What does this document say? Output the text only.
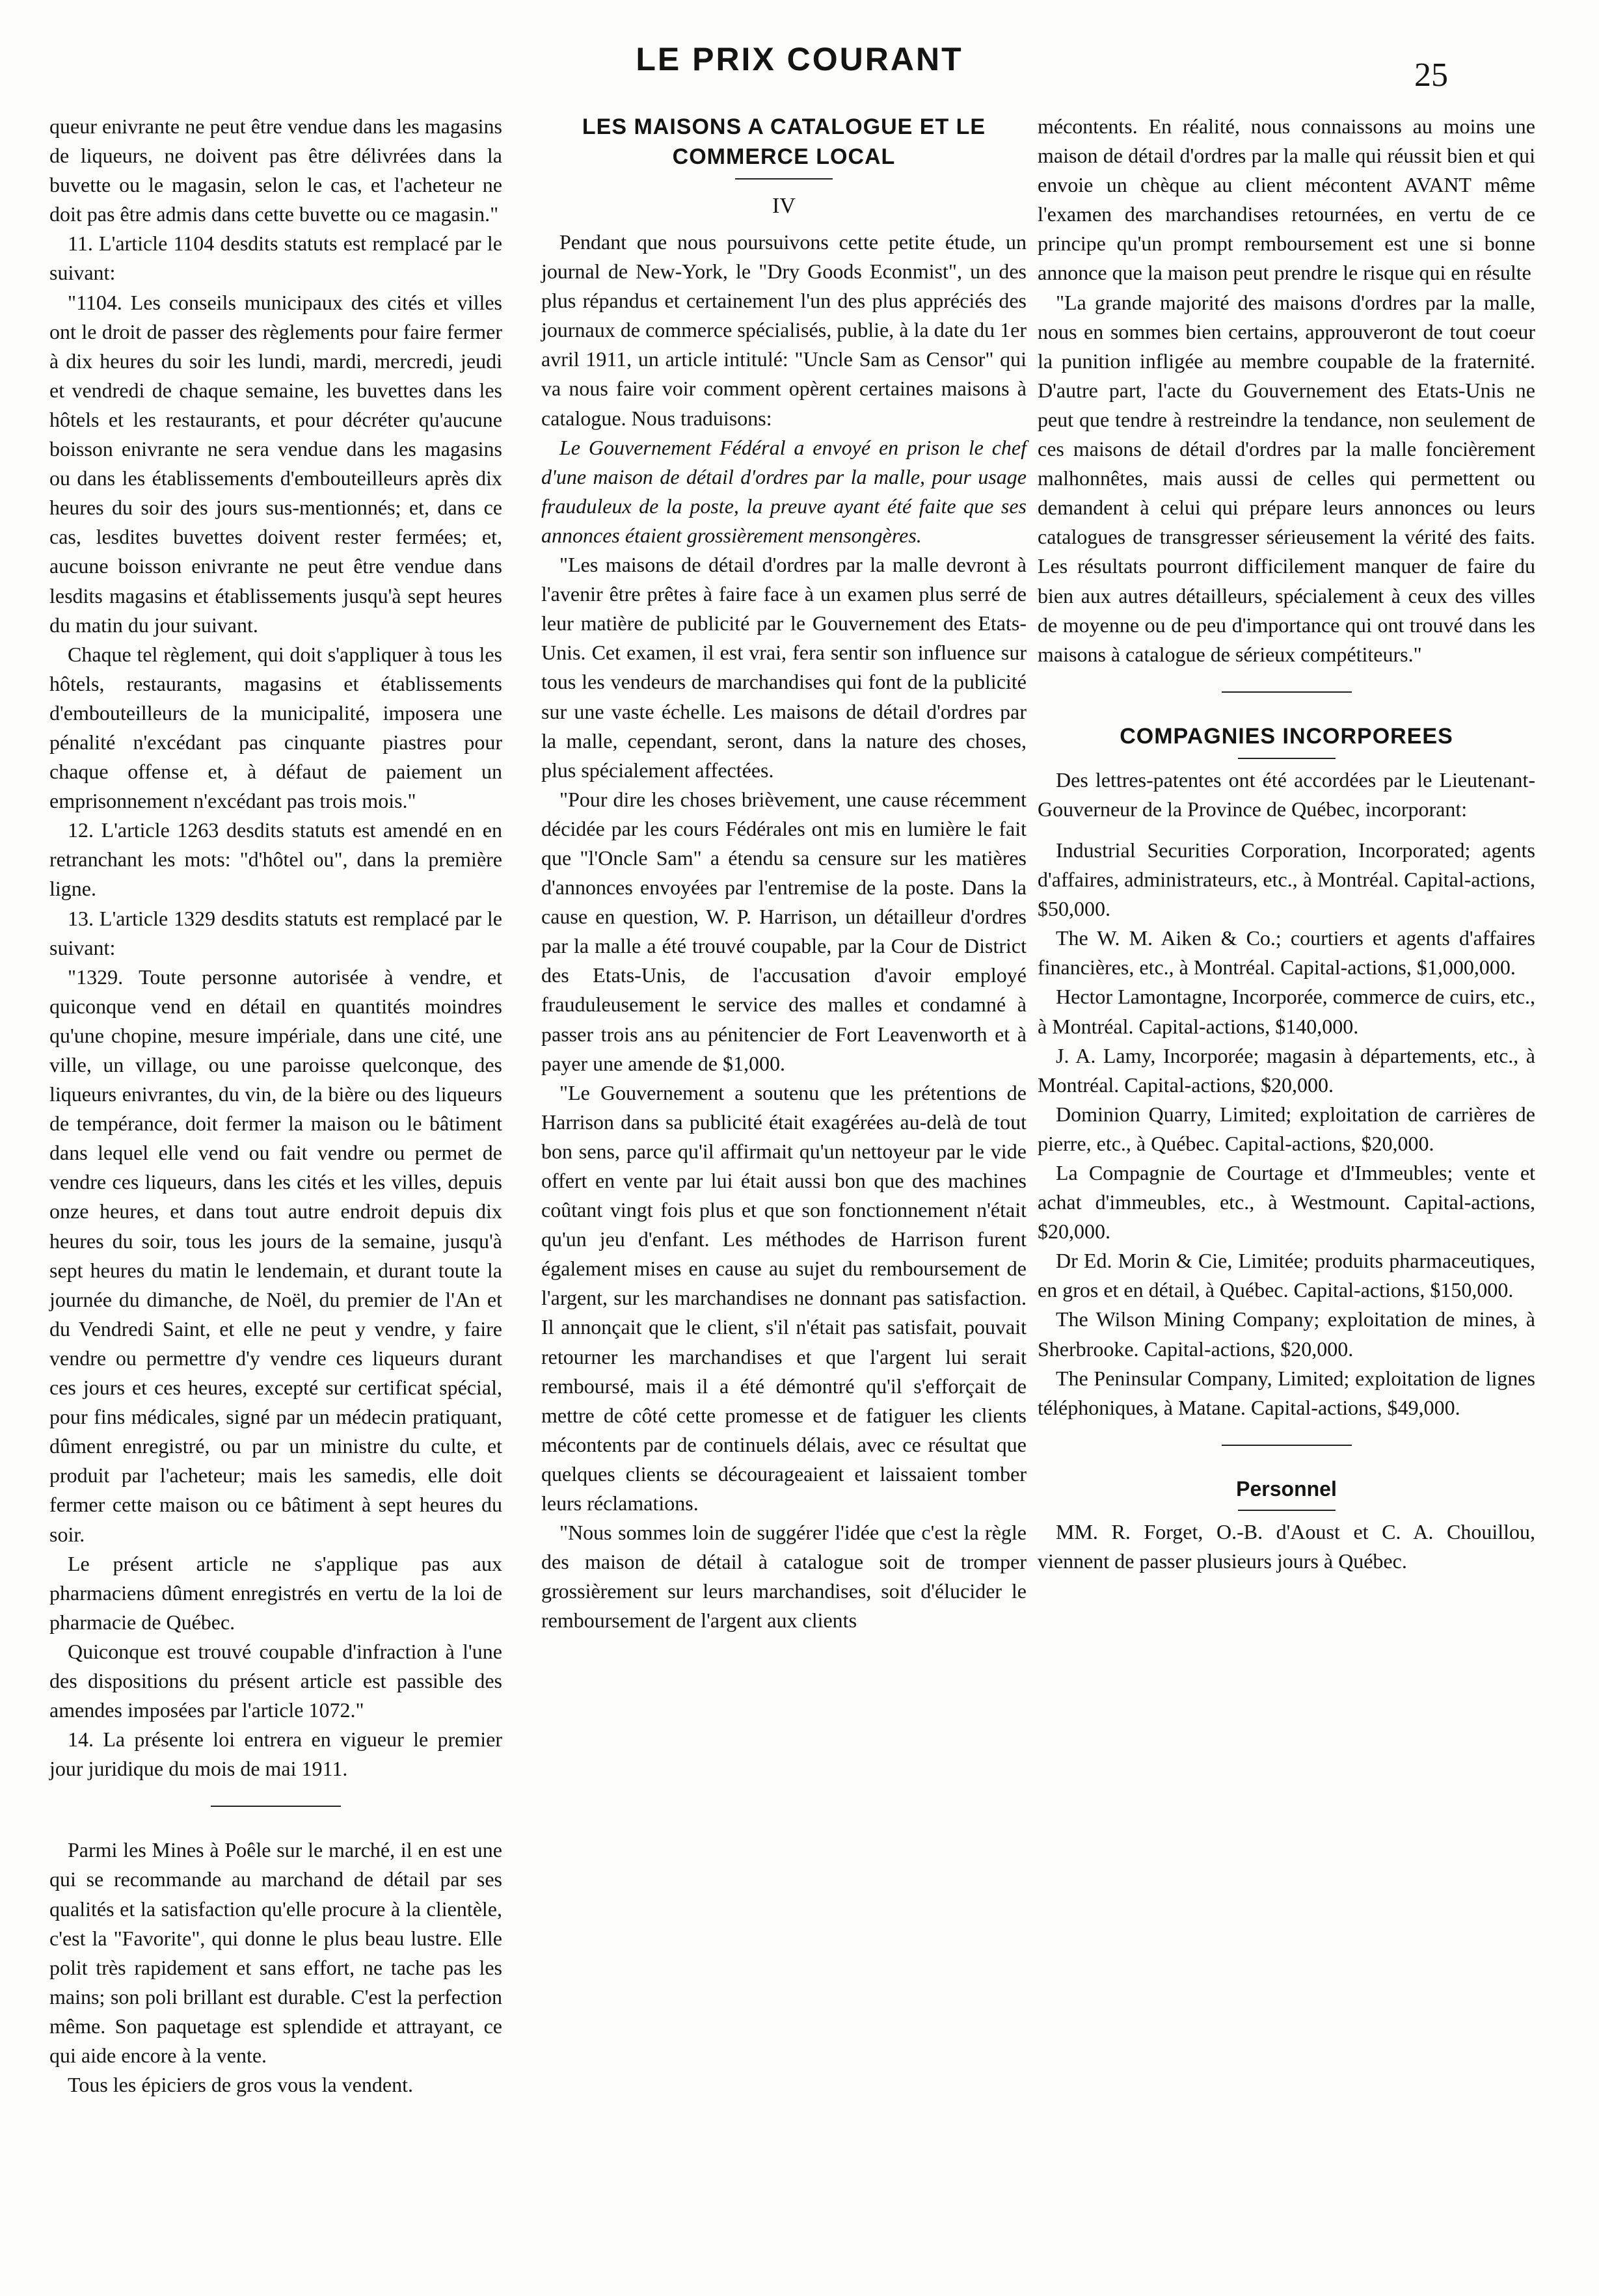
LE PRIX COURANT	25

queur enivrante ne peut être vendue dans les magasins de liqueurs, ne doivent pas être délivrées dans la buvette ou le magasin, selon le cas, et l'acheteur ne doit pas être admis dans cette buvette ou ce magasin."

11. L'article 1104 desdits statuts est remplacé par le suivant:

"1104. Les conseils municipaux des cités et villes ont le droit de passer des règlements pour faire fermer à dix heures du soir les lundi, mardi, mercredi, jeudi et vendredi de chaque semaine, les buvettes dans les hôtels et les restaurants, et pour décréter qu'aucune boisson enivrante ne sera vendue dans les magasins ou dans les établissements d'embouteilleurs après dix heures du soir des jours sus-mentionnés; et, dans ce cas, lesdites buvettes doivent rester fermées; et, aucune boisson enivrante ne peut être vendue dans lesdits magasins et établissements jusqu'à sept heures du matin du jour suivant.

Chaque tel règlement, qui doit s'appliquer à tous les hôtels, restaurants, magasins et établissements d'embouteilleurs de la municipalité, imposera une pénalité n'excédant pas cinquante piastres pour chaque offense et, à défaut de paiement un emprisonnement n'excédant pas trois mois."

12. L'article 1263 desdits statuts est amendé en en retranchant les mots: "d'hôtel ou", dans la première ligne.

13. L'article 1329 desdits statuts est remplacé par le suivant:

"1329. Toute personne autorisée à vendre, et quiconque vend en détail en quantités moindres qu'une chopine, mesure impériale, dans une cité, une ville, un village, ou une paroisse quelconque, des liqueurs enivrantes, du vin, de la bière ou des liqueurs de tempérance, doit fermer la maison ou le bâtiment dans lequel elle vend ou fait vendre ou permet de vendre ces liqueurs, dans les cités et les villes, depuis onze heures, et dans tout autre endroit depuis dix heures du soir, tous les jours de la semaine, jusqu'à sept heures du matin le lendemain, et durant toute la journée du dimanche, de Noël, du premier de l'An et du Vendredi Saint, et elle ne peut y vendre, y faire vendre ou permettre d'y vendre ces liqueurs durant ces jours et ces heures, excepté sur certificat spécial, pour fins médicales, signé par un médecin pratiquant, dûment enregistré, ou par un ministre du culte, et produit par l'acheteur; mais les samedis, elle doit fermer cette maison ou ce bâtiment à sept heures du soir.

Le présent article ne s'applique pas aux pharmaciens dûment enregistrés en vertu de la loi de pharmacie de Québec.

Quiconque est trouvé coupable d'infraction à l'une des dispositions du présent article est passible des amendes imposées par l'article 1072."

14. La présente loi entrera en vigueur le premier jour juridique du mois de mai 1911.

Parmi les Mines à Poêle sur le marché, il en est une qui se recommande au marchand de détail par ses qualités et la satisfaction qu'elle procure à la clientèle, c'est la "Favorite", qui donne le plus beau lustre. Elle polit très rapidement et sans effort, ne tache pas les mains; son poli brillant est durable. C'est la perfection même. Son paquetage est splendide et attrayant, ce qui aide encore à la vente.

Tous les épiciers de gros vous la vendent.

LES MAISONS A CATALOGUE ET LE COMMERCE LOCAL
IV

Pendant que nous poursuivons cette petite étude, un journal de New-York, le "Dry Goods Econmist", un des plus répandus et certainement l'un des plus appréciés des journaux de commerce spécialisés, publie, à la date du 1er avril 1911, un article intitulé: "Uncle Sam as Censor" qui va nous faire voir comment opèrent certaines maisons à catalogue. Nous traduisons:

Le Gouvernement Fédéral a envoyé en prison le chef d'une maison de détail d'ordres par la malle, pour usage frauduleux de la poste, la preuve ayant été faite que ses annonces étaient grossièrement mensongères.

"Les maisons de détail d'ordres par la malle devront à l'avenir être prêtes à faire face à un examen plus serré de leur matière de publicité par le Gouvernement des Etats-Unis. Cet examen, il est vrai, fera sentir son influence sur tous les vendeurs de marchandises qui font de la publicité sur une vaste échelle. Les maisons de détail d'ordres par la malle, cependant, seront, dans la nature des choses, plus spécialement affectées.

"Pour dire les choses brièvement, une cause récemment décidée par les cours Fédérales ont mis en lumière le fait que "l'Oncle Sam" a étendu sa censure sur les matières d'annonces envoyées par l'entremise de la poste. Dans la cause en question, W. P. Harrison, un détailleur d'ordres par la malle a été trouvé coupable, par la Cour de District des Etats-Unis, de l'accusation d'avoir employé frauduleusement le service des malles et condamné à passer trois ans au pénitencier de Fort Leavenworth et à payer une amende de $1,000.

"Le Gouvernement a soutenu que les prétentions de Harrison dans sa publicité était exagérées au-delà de tout bon sens, parce qu'il affirmait qu'un nettoyeur par le vide offert en vente par lui était aussi bon que des machines coûtant vingt fois plus et que son fonctionnement n'était qu'un jeu d'enfant. Les méthodes de Harrison furent également mises en cause au sujet du remboursement de l'argent, sur les marchandises ne donnant pas satisfaction. Il annonçait que le client, s'il n'était pas satisfait, pouvait retourner les marchandises et que l'argent lui serait remboursé, mais il a été démontré qu'il s'efforçait de mettre de côté cette promesse et de fatiguer les clients mécontents par de continuels délais, avec ce résultat que quelques clients se décourageaient et laissaient tomber leurs réclamations.

"Nous sommes loin de suggérer l'idée que c'est la règle des maison de détail à catalogue soit de tromper grossièrement sur leurs marchandises, soit d'élucider le remboursement de l'argent aux clients

mécontents. En réalité, nous connaissons au moins une maison de détail d'ordres par la malle qui réussit bien et qui envoie un chèque au client mécontent AVANT même l'examen des marchandises retournées, en vertu de ce principe qu'un prompt remboursement est une si bonne annonce que la maison peut prendre le risque qui en résulte

"La grande majorité des maisons d'ordres par la malle, nous en sommes bien certains, approuveront de tout coeur la punition infligée au membre coupable de la fraternité. D'autre part, l'acte du Gouvernement des Etats-Unis ne peut que tendre à restreindre la tendance, non seulement de ces maisons de détail d'ordres par la malle foncièrement malhonnêtes, mais aussi de celles qui permettent ou demandent à celui qui prépare leurs annonces ou leurs catalogues de transgresser sérieusement la vérité des faits. Les résultats pourront difficilement manquer de faire du bien aux autres détailleurs, spécialement à ceux des villes de moyenne ou de peu d'importance qui ont trouvé dans les maisons à catalogue de sérieux compétiteurs."

COMPAGNIES INCORPOREES

Des lettres-patentes ont été accordées par le Lieutenant-Gouverneur de la Province de Québec, incorporant:

Industrial Securities Corporation, Incorporated; agents d'affaires, administrateurs, etc., à Montréal. Capital-actions, $50,000.

The W. M. Aiken & Co.; courtiers et agents d'affaires financières, etc., à Montréal. Capital-actions, $1,000,000.

Hector Lamontagne, Incorporée, commerce de cuirs, etc., à Montréal. Capital-actions, $140,000.

J. A. Lamy, Incorporée; magasin à départements, etc., à Montréal. Capital-actions, $20,000.

Dominion Quarry, Limited; exploitation de carrières de pierre, etc., à Québec. Capital-actions, $20,000.

La Compagnie de Courtage et d'Immeubles; vente et achat d'immeubles, etc., à Westmount. Capital-actions, $20,000.

Dr Ed. Morin & Cie, Limitée; produits pharmaceutiques, en gros et en détail, à Québec. Capital-actions, $150,000.

The Wilson Mining Company; exploitation de mines, à Sherbrooke. Capital-actions, $20,000.

The Peninsular Company, Limited; exploitation de lignes téléphoniques, à Matane. Capital-actions, $49,000.

Personnel

MM. R. Forget, O.-B. d'Aoust et C. A. Chouillou, viennent de passer plusieurs jours à Québec.
